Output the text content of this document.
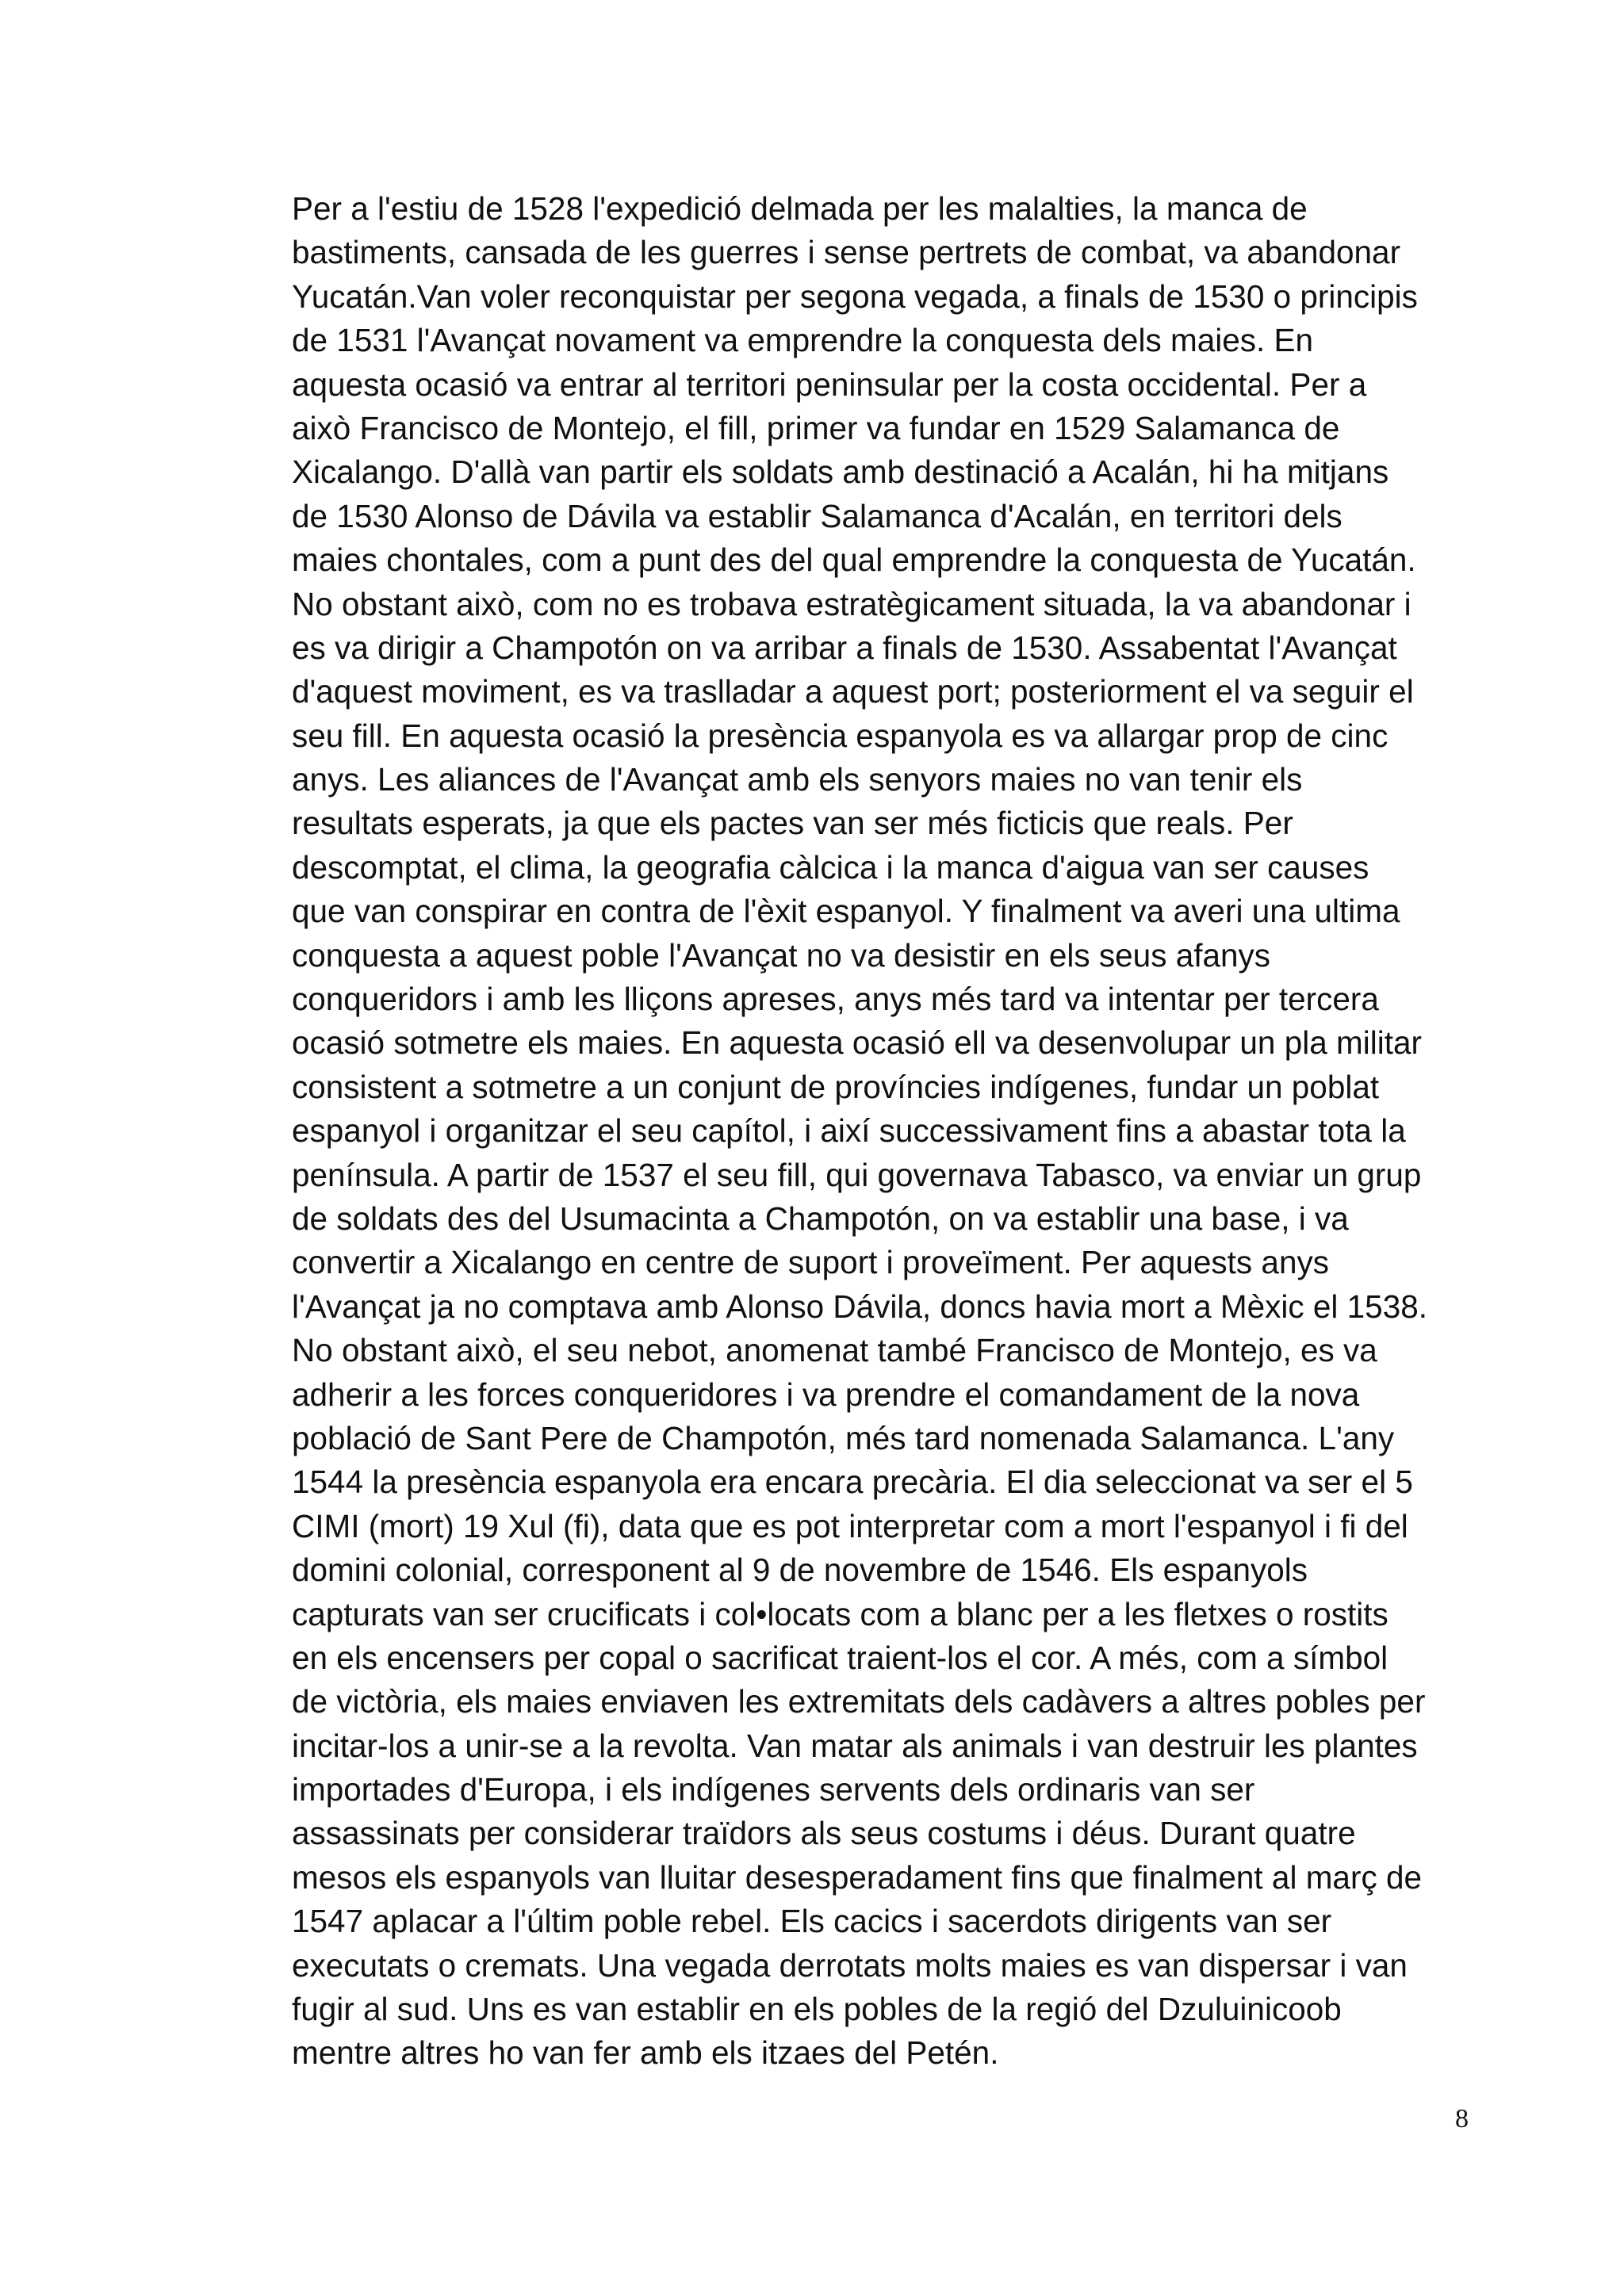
Per a l'estiu de 1528 l'expedició delmada per les malalties, la manca de
bastiments, cansada de les guerres i sense pertrets de combat, va abandonar
Yucatán.Van voler reconquistar per segona vegada, a finals de 1530 o principis
de 1531 l'Avançat novament va emprendre la conquesta dels maies. En
aquesta ocasió va entrar al territori peninsular per la costa occidental. Per a
això Francisco de Montejo, el fill, primer va fundar en 1529 Salamanca de
Xicalango. D'allà van partir els soldats amb destinació a Acalán, hi ha mitjans
de 1530 Alonso de Dávila va establir Salamanca d'Acalán, en territori dels
maies chontales, com a punt des del qual emprendre la conquesta de Yucatán.
No obstant això, com no es trobava estratègicament situada, la va abandonar i
es va dirigir a Champotón on va arribar a finals de 1530. Assabentat l'Avançat
d'aquest moviment, es va traslladar a aquest port; posteriorment el va seguir el
seu fill. En aquesta ocasió la presència espanyola es va allargar prop de cinc
anys. Les aliances de l'Avançat amb els senyors maies no van tenir els
resultats esperats, ja que els pactes van ser més ficticis que reals. Per
descomptat, el clima, la geografia càlcica i la manca d'aigua van ser causes
que van conspirar en contra de l'èxit espanyol. Y finalment va averi una ultima
conquesta a aquest poble l'Avançat no va desistir en els seus afanys
conqueridors i amb les lliçons apreses, anys més tard va intentar per tercera
ocasió sotmetre els maies. En aquesta ocasió ell va desenvolupar un pla militar
consistent a sotmetre a un conjunt de províncies indígenes, fundar un poblat
espanyol i organitzar el seu capítol, i així successivament fins a abastar tota la
península. A partir de 1537 el seu fill, qui governava Tabasco, va enviar un grup
de soldats des del Usumacinta a Champotón, on va establir una base, i va
convertir a Xicalango en centre de suport i proveïment. Per aquests anys
l'Avançat ja no comptava amb Alonso Dávila, doncs havia mort a Mèxic el 1538.
No obstant això, el seu nebot, anomenat també Francisco de Montejo, es va
adherir a les forces conqueridores i va prendre el comandament de la nova
població de Sant Pere de Champotón, més tard nomenada Salamanca. L'any
1544 la presència espanyola era encara precària. El dia seleccionat va ser el 5
CIMI (mort) 19 Xul (fi), data que es pot interpretar com a mort l'espanyol i fi del
domini colonial, corresponent al 9 de novembre de 1546. Els espanyols
capturats van ser crucificats i col•locats com a blanc per a les fletxes o rostits
en els encensers per copal o sacrificat traient-los el cor. A més, com a símbol
de victòria, els maies enviaven les extremitats dels cadàvers a altres pobles per
incitar-los a unir-se a la revolta. Van matar als animals i van destruir les plantes
importades d'Europa, i els indígenes servents dels ordinaris van ser
assassinats per considerar traïdors als seus costums i déus. Durant quatre
mesos els espanyols van lluitar desesperadament fins que finalment al març de
1547 aplacar a l'últim poble rebel. Els cacics i sacerdots dirigents van ser
executats o cremats. Una vegada derrotats molts maies es van dispersar i van
fugir al sud. Uns es van establir en els pobles de la regió del Dzuluinicoob
mentre altres ho van fer amb els itzaes del Petén.
8
